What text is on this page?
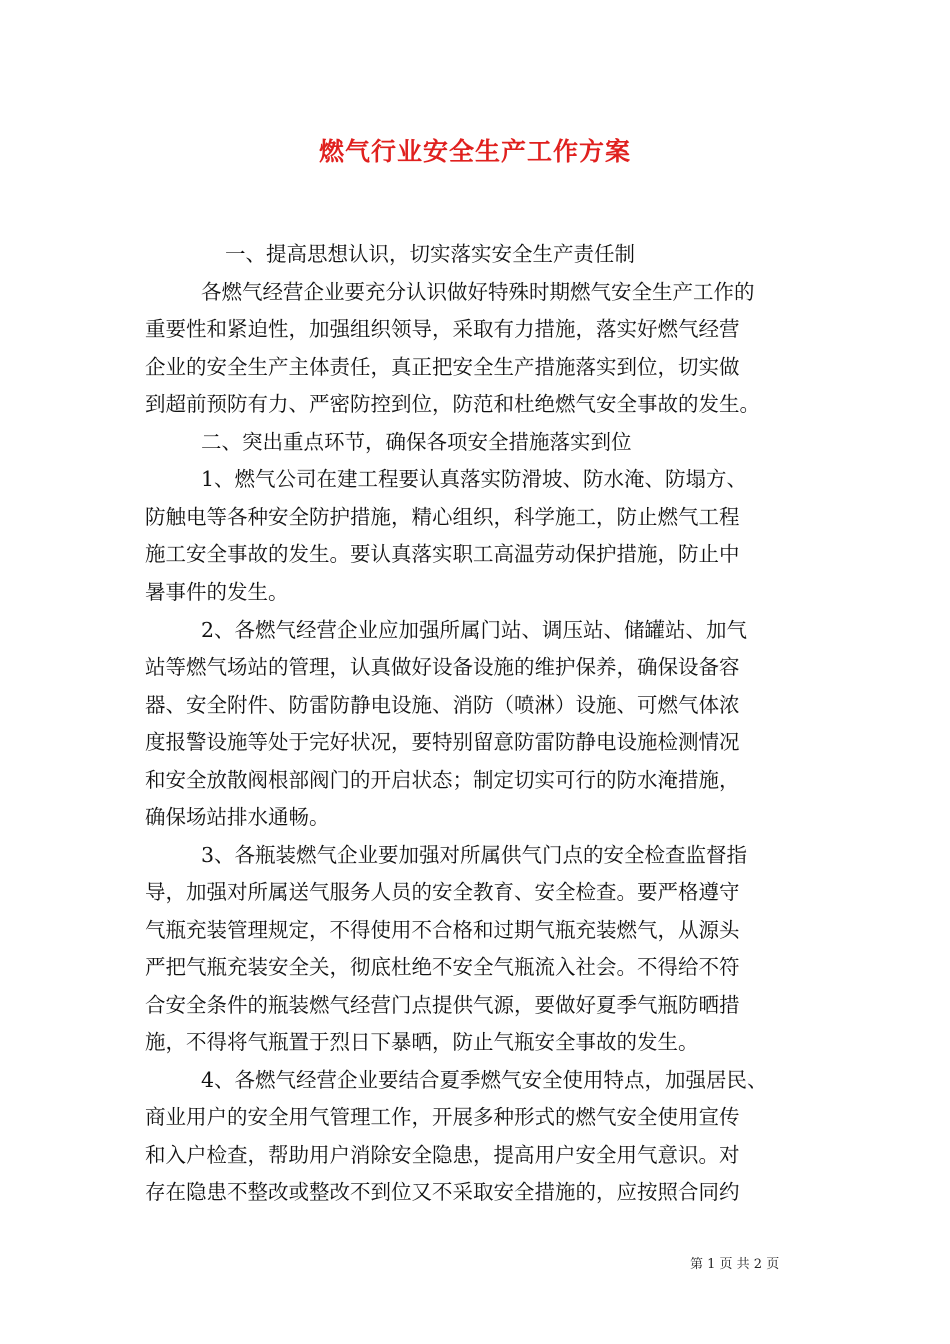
燃气行业安全生产工作方案
一、提高思想认识，切实落实安全生产责任制
各燃气经营企业要充分认识做好特殊时期燃气安全生产工作的
重要性和紧迫性，加强组织领导，采取有力措施，落实好燃气经营
企业的安全生产主体责任，真正把安全生产措施落实到位，切实做
到超前预防有力、严密防控到位，防范和杜绝燃气安全事故的发生。
二、突出重点环节，确保各项安全措施落实到位
1、燃气公司在建工程要认真落实防滑坡、防水淹、防塌方、
防触电等各种安全防护措施，精心组织，科学施工，防止燃气工程
施工安全事故的发生。要认真落实职工高温劳动保护措施，防止中
暑事件的发生。
2、各燃气经营企业应加强所属门站、调压站、储罐站、加气
站等燃气场站的管理，认真做好设备设施的维护保养，确保设备容
器、安全附件、防雷防静电设施、消防（喷淋）设施、可燃气体浓
度报警设施等处于完好状况，要特别留意防雷防静电设施检测情况
和安全放散阀根部阀门的开启状态；制定切实可行的防水淹措施，
确保场站排水通畅。
3、各瓶装燃气企业要加强对所属供气门点的安全检查监督指
导，加强对所属送气服务人员的安全教育、安全检查。要严格遵守
气瓶充装管理规定，不得使用不合格和过期气瓶充装燃气，从源头
严把气瓶充装安全关，彻底杜绝不安全气瓶流入社会。不得给不符
合安全条件的瓶装燃气经营门点提供气源，要做好夏季气瓶防晒措
施，不得将气瓶置于烈日下暴晒，防止气瓶安全事故的发生。
4、各燃气经营企业要结合夏季燃气安全使用特点，加强居民、
商业用户的安全用气管理工作，开展多种形式的燃气安全使用宣传
和入户检查，帮助用户消除安全隐患，提高用户安全用气意识。对
存在隐患不整改或整改不到位又不采取安全措施的，应按照合同约
第 1 页 共 2 页
